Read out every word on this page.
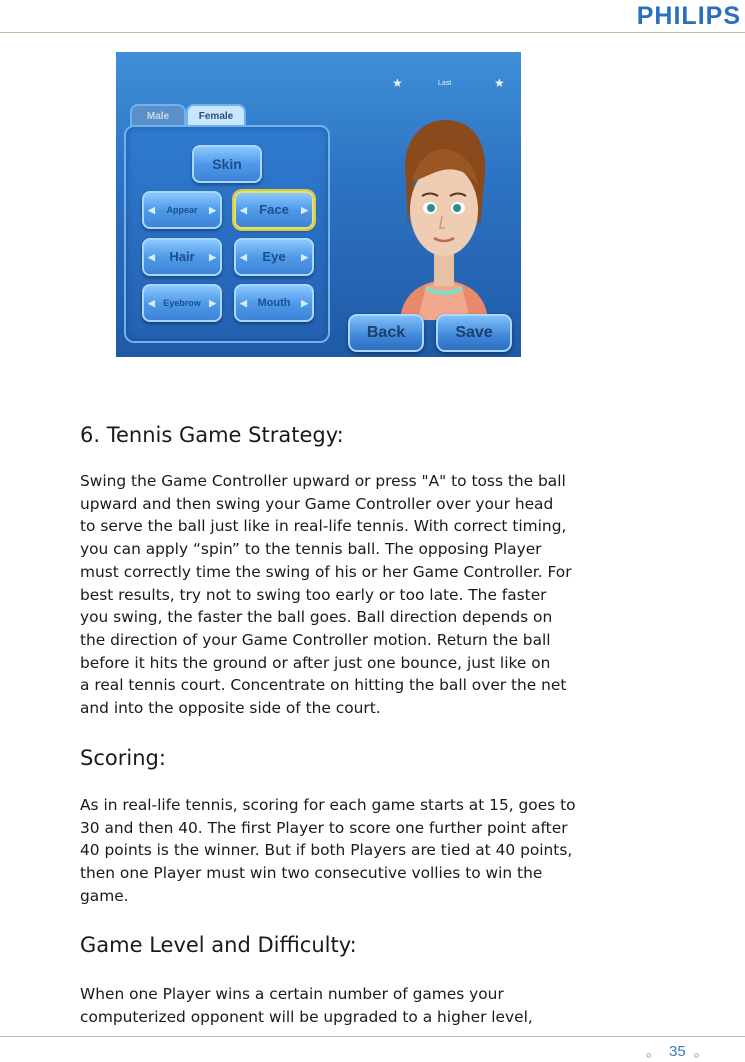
PHILIPS
★	Last	★
Male	Female
Skin
◀ Appear ▶	◀ Face ▶
◀ Hair ▶	◀ Eye ▶
◀ Eyebrow ▶	◀ Mouth ▶
Back	Save
6. Tennis Game Strategy:
Swing the Game Controller upward or press "A" to toss the ball
upward and then swing your Game Controller over your head
to serve the ball just like in real-life tennis. With correct timing,
you can apply “spin” to the tennis ball. The opposing Player
must correctly time the swing of his or her Game Controller. For
best results, try not to swing too early or too late. The faster
you swing, the faster the ball goes. Ball direction depends on
the direction of your Game Controller motion. Return the ball
before it hits the ground or after just one bounce, just like on
a real tennis court. Concentrate on hitting the ball over the net
and into the opposite side of the court.
Scoring:
As in real-life tennis, scoring for each game starts at 15, goes to
30 and then 40. The first Player to score one further point after
40 points is the winner. But if both Players are tied at 40 points,
then one Player must win two consecutive vollies to win the
game.
Game Level and Difficulty:
When one Player wins a certain number of games your
computerized opponent will be upgraded to a higher level,
。 35 。
